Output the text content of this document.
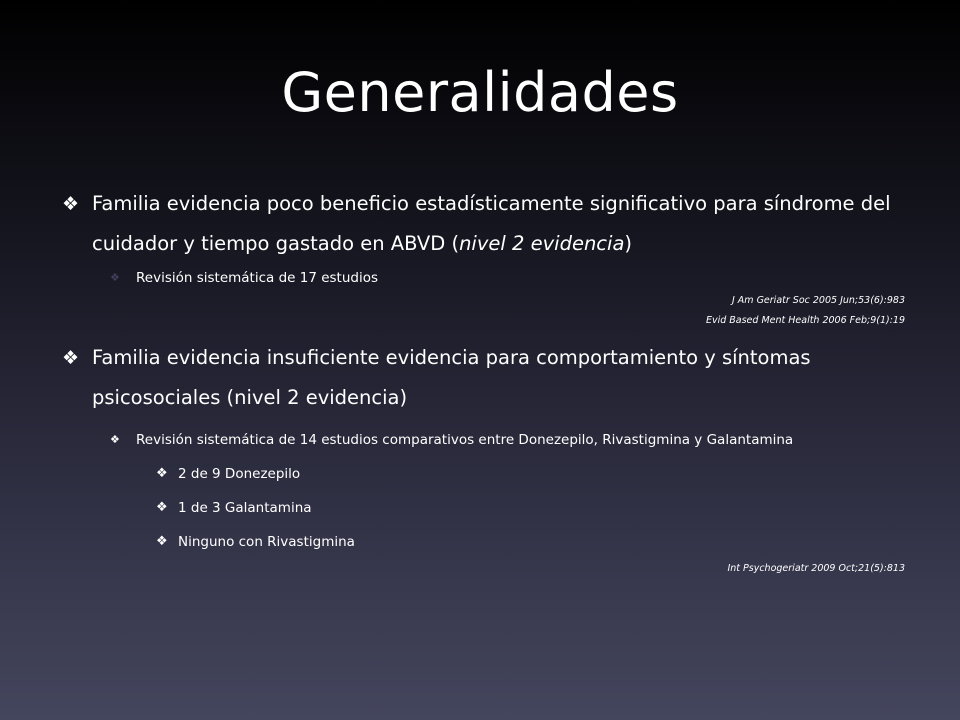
Generalidades
❖ Familia evidencia poco beneficio estadísticamente significativo para síndrome del cuidador y tiempo gastado en ABVD (nivel 2 evidencia)
❖ Revisión sistemática de 17 estudios
J Am Geriatr Soc 2005 Jun;53(6):983
Evid Based Ment Health 2006 Feb;9(1):19
❖ Familia evidencia insuficiente evidencia para comportamiento y síntomas psicosociales (nivel 2 evidencia)
❖ Revisión sistemática de 14 estudios comparativos entre Donezepilo, Rivastigmina y Galantamina
❖ 2 de 9 Donezepilo
❖ 1 de 3 Galantamina
❖ Ninguno con Rivastigmina
Int Psychogeriatr 2009 Oct;21(5):813
